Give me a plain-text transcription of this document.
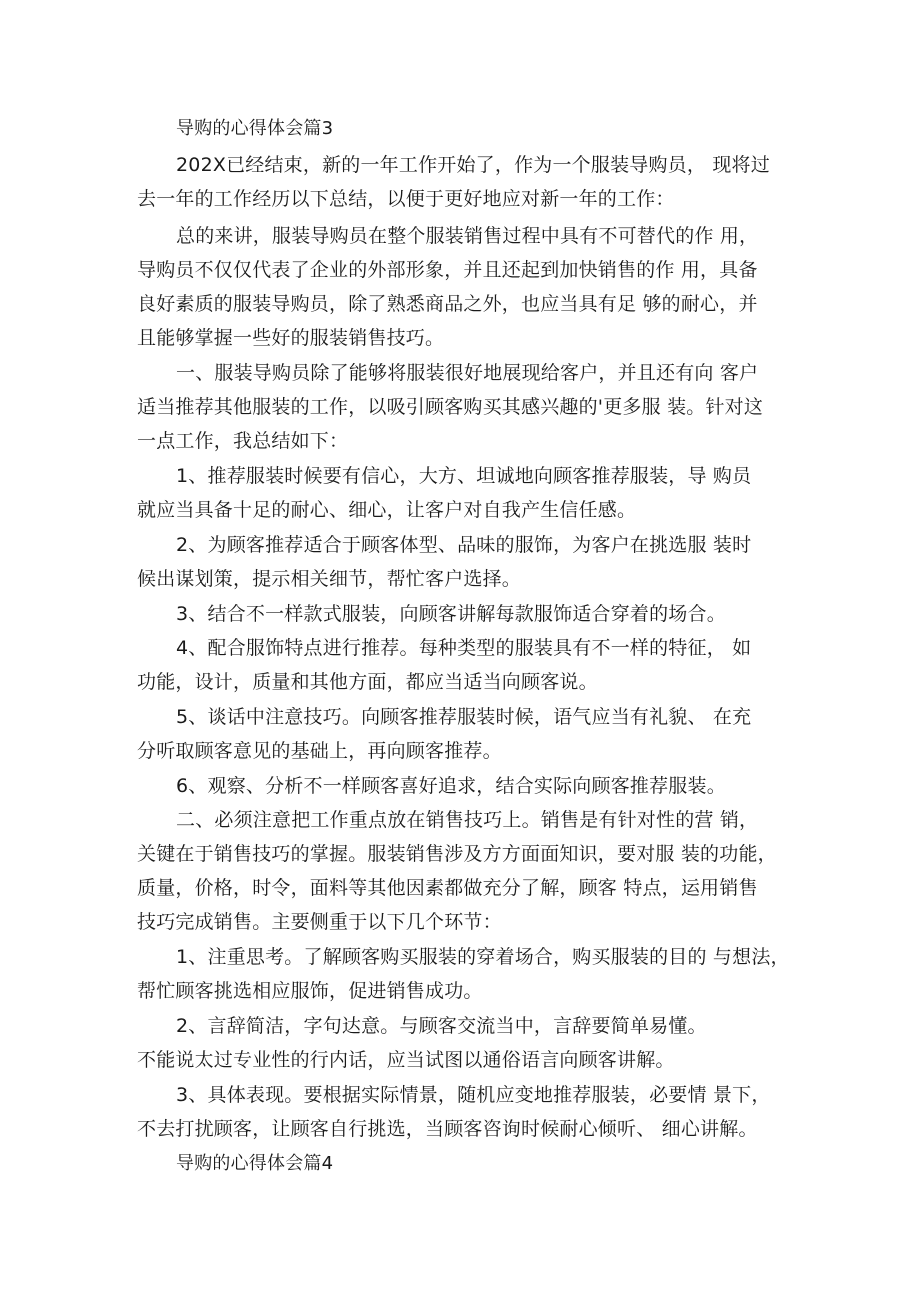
导购的心得体会篇3
202X已经结束，新的一年工作开始了，作为一个服装导购员， 现将过
去一年的工作经历以下总结，以便于更好地应对新一年的工作：
总的来讲，服装导购员在整个服装销售过程中具有不可替代的作 用，
导购员不仅仅代表了企业的外部形象，并且还起到加快销售的作 用，具备
良好素质的服装导购员，除了熟悉商品之外，也应当具有足 够的耐心，并
且能够掌握一些好的服装销售技巧。
一、服装导购员除了能够将服装很好地展现给客户，并且还有向 客户
适当推荐其他服装的工作，以吸引顾客购买其感兴趣的'更多服 装。针对这
一点工作，我总结如下：
1、推荐服装时候要有信心，大方、坦诚地向顾客推荐服装，导 购员
就应当具备十足的耐心、细心，让客户对自我产生信任感。
2、为顾客推荐适合于顾客体型、品味的服饰，为客户在挑选服 装时
候出谋划策，提示相关细节，帮忙客户选择。
3、结合不一样款式服装，向顾客讲解每款服饰适合穿着的场合。
4、配合服饰特点进行推荐。每种类型的服装具有不一样的特征， 如
功能，设计，质量和其他方面，都应当适当向顾客说。
5、谈话中注意技巧。向顾客推荐服装时候，语气应当有礼貌、 在充
分听取顾客意见的基础上，再向顾客推荐。
6、观察、分析不一样顾客喜好追求，结合实际向顾客推荐服装。
二、必须注意把工作重点放在销售技巧上。销售是有针对性的营 销，
关键在于销售技巧的掌握。服装销售涉及方方面面知识，要对服 装的功能，
质量，价格，时令，面料等其他因素都做充分了解，顾客 特点，运用销售
技巧完成销售。主要侧重于以下几个环节：
1、注重思考。了解顾客购买服装的穿着场合，购买服装的目的 与想法，
帮忙顾客挑选相应服饰，促进销售成功。
2、言辞简洁，字句达意。与顾客交流当中，言辞要简单易懂。
不能说太过专业性的行内话，应当试图以通俗语言向顾客讲解。
3、具体表现。要根据实际情景，随机应变地推荐服装，必要情 景下，
不去打扰顾客，让顾客自行挑选，当顾客咨询时候耐心倾听、 细心讲解。
导购的心得体会篇4
